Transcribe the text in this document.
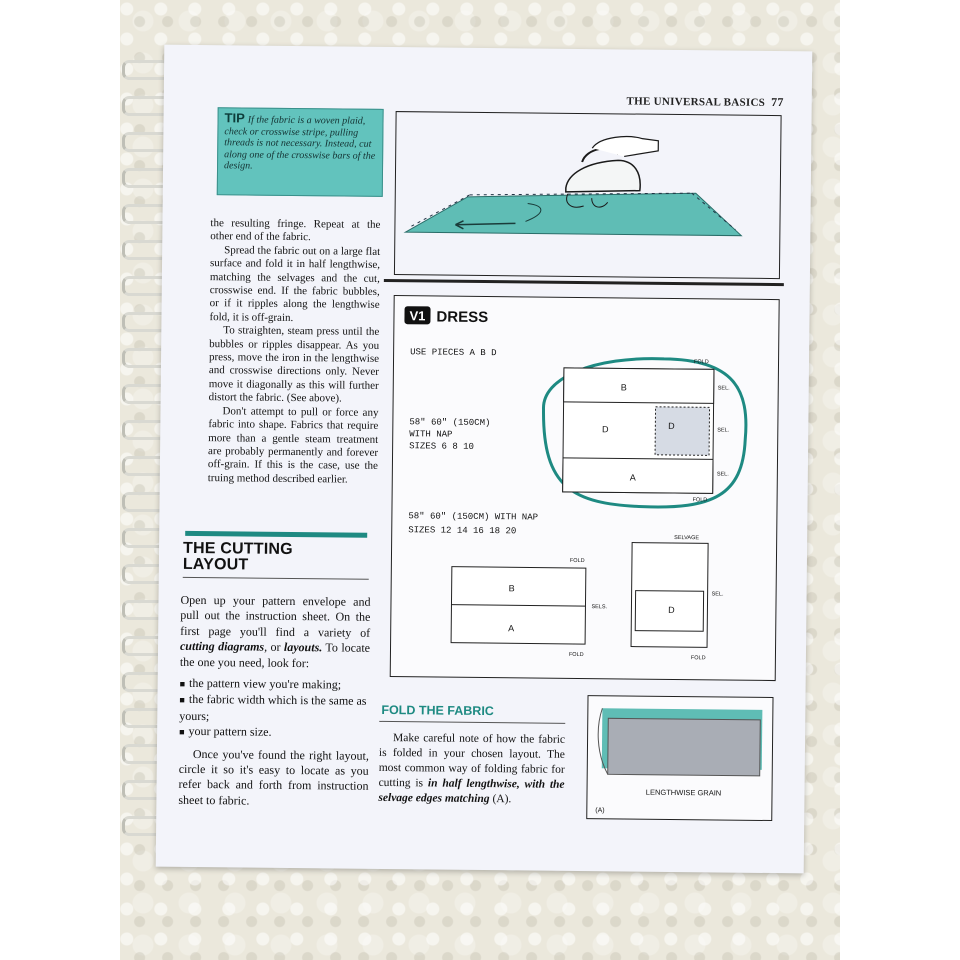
THE UNIVERSAL BASICS 77
TIP If the fabric is a woven plaid, check or crosswise stripe, pulling threads is not necessary. Instead, cut along one of the crosswise bars of the design.

the resulting fringe. Repeat at the other end of the fabric.

Spread the fabric out on a large flat surface and fold it in half lengthwise, matching the selvages and the cut, crosswise end. If the fabric bubbles, or if it ripples along the lengthwise fold, it is off-grain.

To straighten, steam press until the bubbles or ripples disappear. As you press, move the iron in the lengthwise and crosswise directions only. Never move it diagonally as this will further distort the fabric. (See above).

Don't attempt to pull or force any fabric into shape. Fabrics that require more than a gentle steam treatment are probably permanently and forever off-grain. If this is the case, use the truing method described earlier.

THE CUTTING
LAYOUT

Open up your pattern envelope and pull out the instruction sheet. On the first page you'll find a variety of cutting diagrams, or layouts. To locate the one you need, look for:

■ the pattern view you're making;
■ the fabric width which is the same as yours;
■ your pattern size.

Once you've found the right layout, circle it so it's easy to locate as you refer back and forth from instruction sheet to fabric.

V1 DRESS
USE PIECES A B D
58" 60" (150CM)
WITH NAP
SIZES 6 8 10
B
D	D
A
FOLD
FOLD
SEL.
SEL.
SEL.
58" 60" (150CM) WITH NAP
SIZES 12 14 16 18 20
B
A
FOLD
FOLD
SELS.	D
SELVAGE
SEL.
FOLD
FOLD THE FABRIC

Make careful note of how the fabric is folded in your chosen layout. The most common way of folding fabric for cutting is in half lengthwise, with the selvage edges matching (A).

LENGTHWISE GRAIN
(A)
